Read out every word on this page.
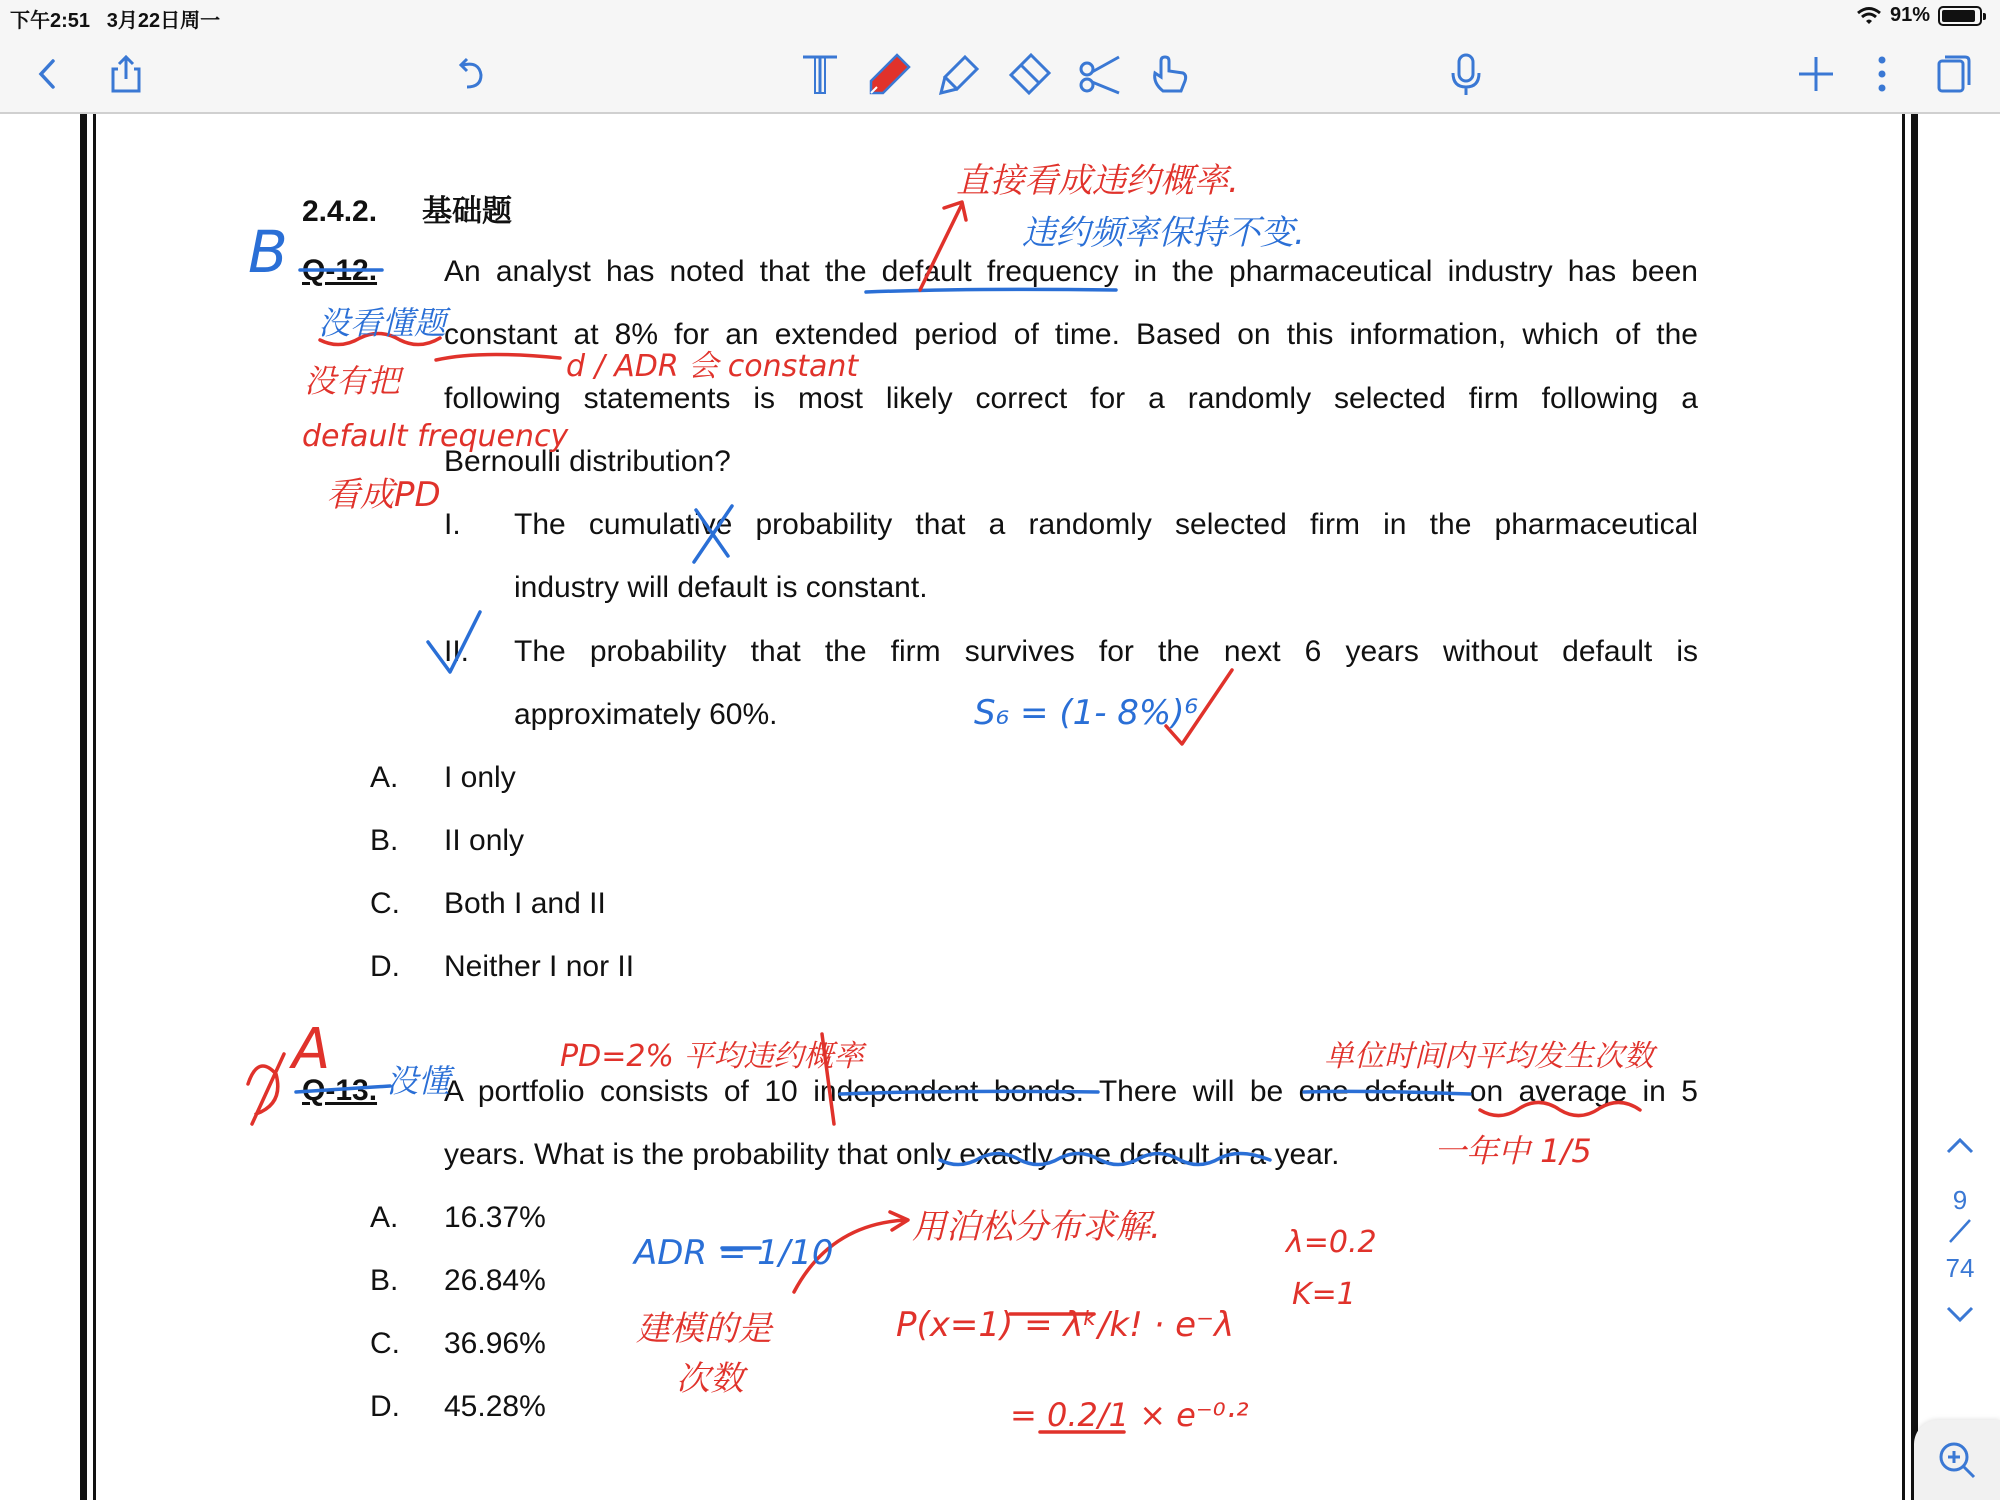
下午2:51 3月22日周一	91%
2.4.2. 基础题
Q-12. An analyst has noted that the default frequency in the pharmaceutical industry has been
constant at 8% for an extended period of time. Based on this information, which of the
following statements is most likely correct for a randomly selected firm following a
Bernoulli distribution?
I. The cumulative probability that a randomly selected firm in the pharmaceutical
industry will default is constant.
II. The probability that the firm survives for the next 6 years without default is
approximately 60%.
A. I only
B. II only
C. Both I and II
D. Neither I nor II
Q-13. A portfolio consists of 10 independent bonds. There will be one default on average in 5
years. What is the probability that only exactly one default in a year.
A. 16.37%
B. 26.84%
C. 36.96%
D. 45.28%
B
直接看成违约概率.
违约频率保持不变.
没看懂题
没有把
default frequency
看成PD
d / ADR 会 constant
S₆ = (1- 8%)⁶
A 没懂
PD=2% 平均违约概率	单位时间内平均发生次数
一年中 1/5
ADR = 1/10
建模的是
次数
用泊松分布求解.
P(x=1) = λᵏ/k! · e⁻λ
= 0.2/1 × e⁻⁰·²
λ=0.2
K=1
9
74
